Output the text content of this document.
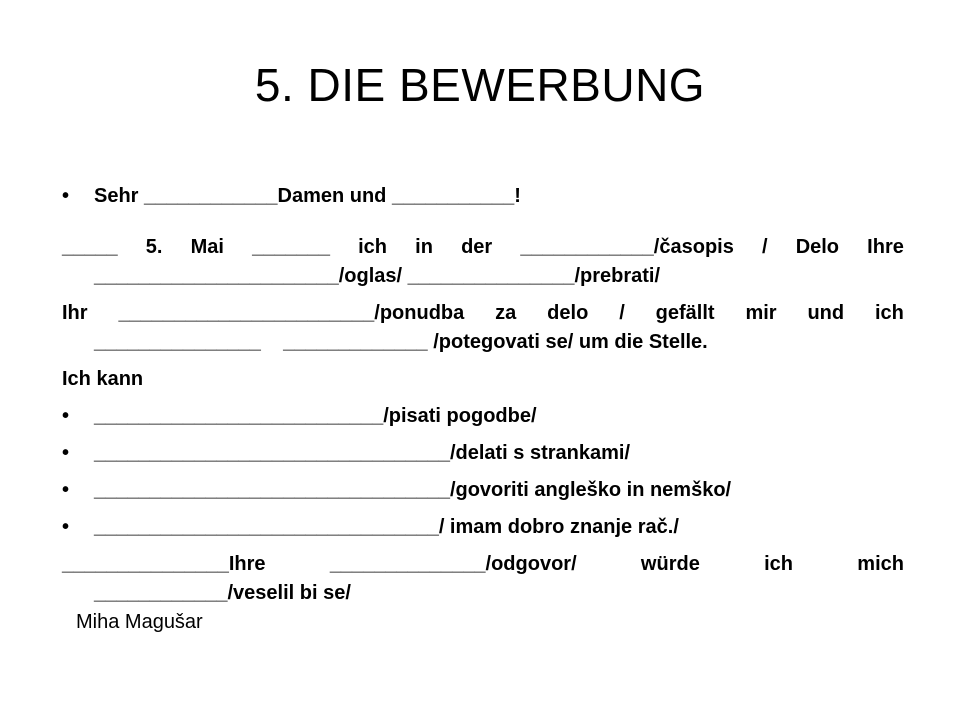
5. DIE BEWERBUNG
• Sehr ____________Damen und ___________!
_____ 5. Mai _______ ich in der ____________/časopis / Delo Ihre
______________________/oglas/ _______________/prebrati/
Ihr _______________________/ponudba za delo / gefällt mir und ich
_______________    _____________ /potegovati se/ um die Stelle.
Ich kann
• __________________________/pisati pogodbe/
• ________________________________/delati s strankami/
• ________________________________/govoriti angleško in nemško/
• _______________________________/ imam dobro znanje rač./
_______________Ihre	______________/odgovor/	würde	ich	mich
____________/veselil bi se/
Miha Magušar
